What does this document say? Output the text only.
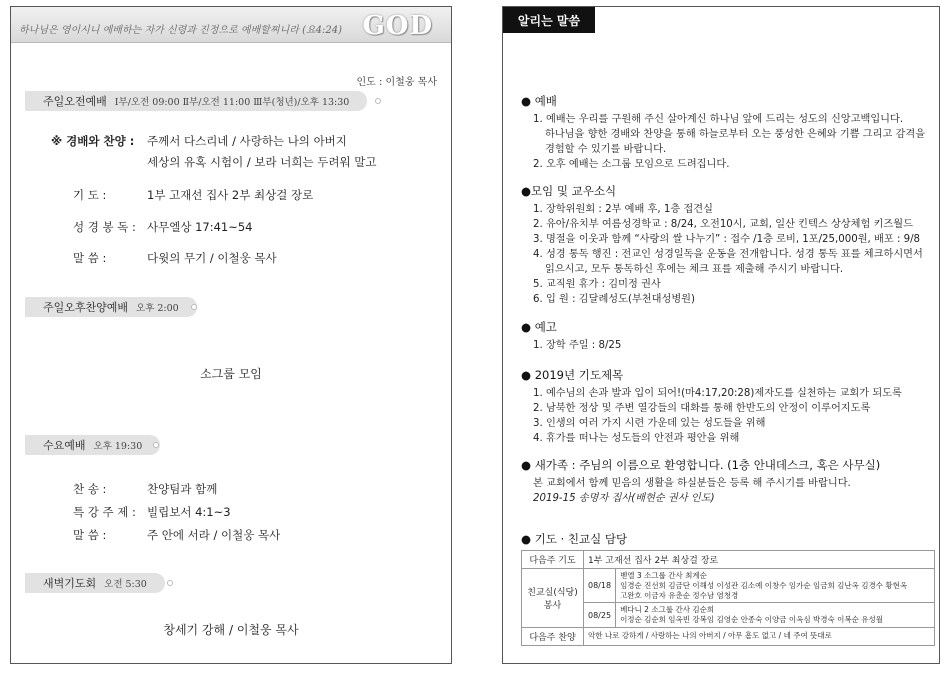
하나님은 영이시니 예배하는 자가 신령과 진정으로 예배할찌니라 (요4:24) GOD
인도 : 이철웅 목사
주일오전예배 Ⅰ부/오전 09:00 Ⅱ부/오전 11:00 Ⅲ부(청년)/오후 13:30
※ 경배와 찬양 :	주께서 다스리네 / 사랑하는 나의 아버지
세상의 유혹 시험이 / 보라 너희는 두려워 말고
기 도 :	1부 고재선 집사 2부 최상걸 장로
성 경 봉 독 : 사무엘상 17:41~54
말 씀 :	다윗의 무기 / 이철웅 목사
주일오후찬양예배 오후 2:00
소그룹 모임
수요예배 오후 19:30
찬 송 :	찬양팀과 함께
특 강 주 제 : 빌립보서 4:1~3
말 씀 :	주 안에 서라 / 이철웅 목사
새벽기도회 오전 5:30
창세기 강해 / 이철웅 목사
알리는 말씀
● 예배
1. 예배는 우리를 구원해 주신 살아계신 하나님 앞에 드리는 성도의 신앙고백입니다.
하나님을 향한 경배와 찬양을 통해 하늘로부터 오는 풍성한 은혜와 기쁨 그리고 감격을
경험할 수 있기를 바랍니다.
2. 오후 예배는 소그룹 모임으로 드려집니다.
●모임 및 교우소식
1. 장학위원회 : 2부 예배 후, 1층 접견실
2. 유아/유치부 여름성경학교 : 8/24, 오전10시, 교회, 일산 킨텍스 상상체험 키즈월드
3. 명절을 이웃과 함께 “사랑의 쌀 나누기” : 접수 /1층 로비, 1포/25,000원, 배포 : 9/8
4. 성경 통독 행진 : 전교인 성경일독을 운동을 전개합니다. 성경 통독 표를 체크하시면서
읽으시고, 모두 통독하신 후에는 체크 표를 제출해 주시기 바랍니다.
5. 교직원 휴가 : 김미정 권사
6. 입 원 : 김달례성도(부천대성병원)
● 예고
1. 장학 주일 : 8/25
● 2019년 기도제목
1. 예수님의 손과 발과 입이 되어!(마4:17,20:28)제자도를 실천하는 교회가 되도록
2. 남북한 정상 및 주변 열강들의 대화를 통해 한반도의 안정이 이루어지도록
3. 인생의 여러 가지 시련 가운데 있는 성도들을 위해
4. 휴가를 떠나는 성도들의 안전과 평안을 위해
● 새가족 : 주님의 이름으로 환영합니다. (1층 안내데스크, 혹은 사무실)
본 교회에서 함께 믿음의 생활을 하실분들은 등록 해 주시기를 바랍니다.
2019-15 송명자 집사(배현순 권사 인도)
● 기도 · 친교실 담당
다음주 기도	1부 고재선 집사 2부 최상걸 장로	
친교실(식당) 봉사	08/18	벧엘 3 소그룹 간사 최계순
임경순 진선희 김금단 이해성 이성관 김소예 이창수 임가순 임금희 김난옥 김경수 황현옥
고완호 이금자 유춘순 정수남 염청경

	08/25	베다니 2 소그룹 간사 김순희
이정순 김순희 임옥빈 강복임 김영순 안종숙 이양금 이옥심 박경숙 이복순 유성월

다음주 찬양	악한 나로 강하게 / 사랑하는 나의 아버지 / 아무 흠도 없고 / 네 주여 뜻대로	
